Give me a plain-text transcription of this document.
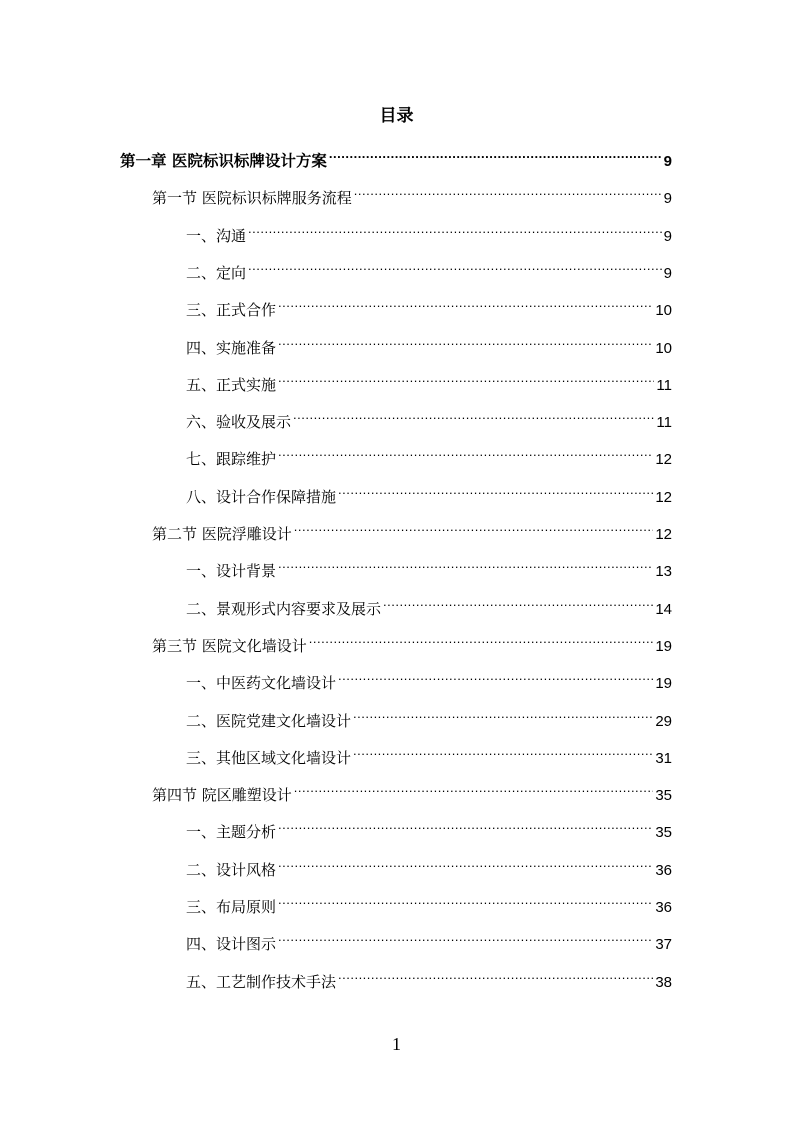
目录
第一章 医院标识标牌设计方案 .....	9
第一节 医院标识标牌服务流程 .....	9
一、沟通 .....	9
二、定向 .....	9
三、正式合作 .....	10
四、实施准备 .....	10
五、正式实施 .....	11
六、验收及展示 .....	11
七、跟踪维护 .....	12
八、设计合作保障措施 .....	12
第二节 医院浮雕设计 .....	12
一、设计背景 .....	13
二、景观形式内容要求及展示 .....	14
第三节 医院文化墙设计 .....	19
一、中医药文化墙设计 .....	19
二、医院党建文化墙设计 .....	29
三、其他区域文化墙设计 .....	31
第四节 院区雕塑设计 .....	35
一、主题分析 .....	35
二、设计风格 .....	36
三、布局原则 .....	36
四、设计图示 .....	37
五、工艺制作技术手法 .....	38
1
